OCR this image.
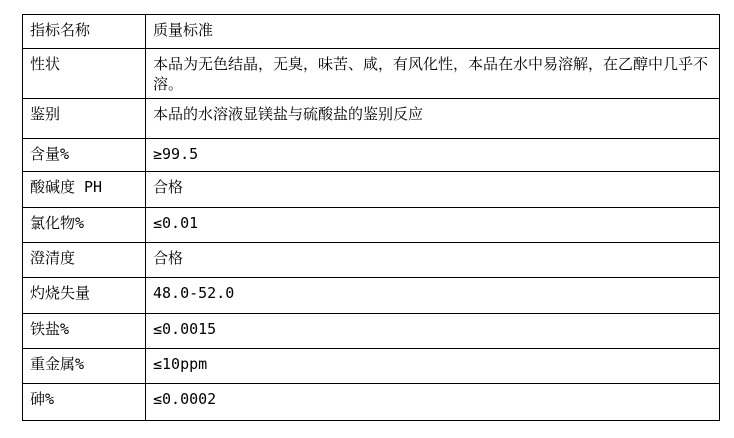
指标名称	质量标准
性状	本品为无色结晶，无臭，味苦、咸，有风化性，本品在水中易溶解，在乙醇中几乎不溶。
鉴别	本品的水溶液显镁盐与硫酸盐的鉴别反应
含量%	≥99.5
酸碱度 PH	合格
氯化物%	≤0.01
澄清度	合格
灼烧失量	48.0-52.0
铁盐%	≤0.0015
重金属%	≤10ppm
砷%	≤0.0002
